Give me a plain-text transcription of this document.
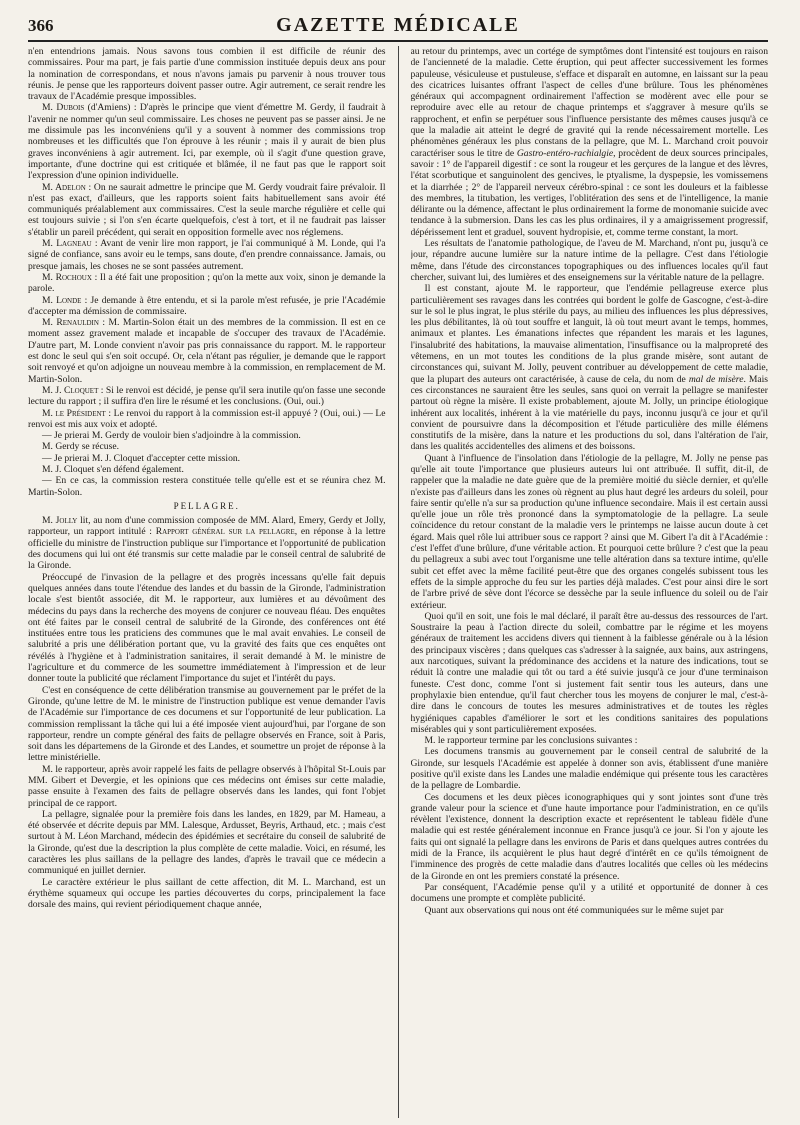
366	GAZETTE MÉDICALE

n'en entendrions jamais. Nous savons tous combien il est difficile de réunir des commissaires. Pour ma part, je fais partie d'une commission instituée depuis deux ans pour la nomination de correspondans, et nous n'avons jamais pu parvenir à nous trouver tous réunis. Je pense que les rapporteurs doivent passer outre. Agir autrement, ce serait rendre les travaux de l'Académie presque impossibles.

M. Dubois (d'Amiens) : D'après le principe que vient d'émettre M. Gerdy, il faudrait à l'avenir ne nommer qu'un seul commissaire. Les choses ne peuvent pas se passer ainsi. Je ne me dissimule pas les inconvéniens qu'il y a souvent à nommer des commissions trop nombreuses et les difficultés que l'on éprouve à les réunir ; mais il y aurait de bien plus graves inconvéniens à agir autrement. Ici, par exemple, où il s'agit d'une question grave, importante, d'une doctrine qui est critiquée et blâmée, il ne faut pas que le rapport soit l'expression d'une opinion individuelle.

M. Adelon : On ne saurait admettre le principe que M. Gerdy voudrait faire prévaloir. Il n'est pas exact, d'ailleurs, que les rapports soient faits habituellement sans avoir été communiqués préalablement aux commissaires. C'est la seule marche régulière et celle qui est toujours suivie ; si l'on s'en écarte quelquefois, c'est à tort, et il ne faudrait pas laisser s'établir un pareil précédent, qui serait en opposition formelle avec nos réglemens.

M. Lagneau : Avant de venir lire mon rapport, je l'ai communiqué à M. Londe, qui l'a signé de confiance, sans avoir eu le temps, sans doute, d'en prendre connaissance. Jamais, ou presque jamais, les choses ne se sont passées autrement.

M. Rochoux : Il a été fait une proposition ; qu'on la mette aux voix, sinon je demande la parole.

M. Londe : Je demande à être entendu, et si la parole m'est refusée, je prie l'Académie d'accepter ma démission de commissaire.

M. Renauldin : M. Martin-Solon était un des membres de la commission. Il est en ce moment assez gravement malade et incapable de s'occuper des travaux de l'Académie. D'autre part, M. Londe convient n'avoir pas pris connaissance du rapport. M. le rapporteur est donc le seul qui s'en soit occupé. Or, cela n'étant pas régulier, je demande que le rapport soit renvoyé et qu'on adjoigne un nouveau membre à la commission, en remplacement de M. Martin-Solon.

M. J. Cloquet : Si le renvoi est décidé, je pense qu'il sera inutile qu'on fasse une seconde lecture du rapport ; il suffira d'en lire le résumé et les conclusions. (Oui, oui.)

M. le Président : Le renvoi du rapport à la commission est-il appuyé ? (Oui, oui.) — Le renvoi est mis aux voix et adopté.

— Je prierai M. Gerdy de vouloir bien s'adjoindre à la commission.

M. Gerdy se récuse.

— Je prierai M. J. Cloquet d'accepter cette mission.

M. J. Cloquet s'en défend également.

— En ce cas, la commission restera constituée telle qu'elle est et se réunira chez M. Martin-Solon.

PELLAGRE.

M. Jolly lit, au nom d'une commission composée de MM. Alard, Emery, Gerdy et Jolly, rapporteur, un rapport intitulé : Rapport général sur la pellagre, en réponse à la lettre officielle du ministre de l'instruction publique sur l'importance et l'opportunité de publication des documens qui lui ont été transmis sur cette maladie par le conseil central de salubrité de la Gironde.

Préoccupé de l'invasion de la pellagre et des progrès incessans qu'elle fait depuis quelques années dans toute l'étendue des landes et du bassin de la Gironde, l'administration locale s'est bientôt associée, dit M. le rapporteur, aux lumières et au dévoûment des médecins du pays dans la recherche des moyens de conjurer ce nouveau fléau. Des enquêtes ont été faites par le conseil central de salubrité de la Gironde, des conférences ont été instituées entre tous les praticiens des communes que le mal avait envahies. Le conseil de salubrité a pris une délibération portant que, vu la gravité des faits que ces enquêtes ont révélés à l'hygiène et à l'administration sanitaires, il serait demandé à M. le ministre de l'agriculture et du commerce de les soumettre immédiatement à l'impression et de leur donner toute la publicité que réclament l'importance du sujet et l'intérêt du pays.

C'est en conséquence de cette délibération transmise au gouvernement par le préfet de la Gironde, qu'une lettre de M. le ministre de l'instruction publique est venue demander l'avis de l'Académie sur l'importance de ces documens et sur l'opportunité de leur publication. La commission remplissant la tâche qui lui a été imposée vient aujourd'hui, par l'organe de son rapporteur, rendre un compte général des faits de pellagre observés en France, soit à Paris, soit dans les départemens de la Gironde et des Landes, et soumettre un projet de réponse à la lettre ministérielle.

M. le rapporteur, après avoir rappelé les faits de pellagre observés à l'hôpital St-Louis par MM. Gibert et Devergie, et les opinions que ces médecins ont émises sur cette maladie, passe ensuite à l'examen des faits de pellagre observés dans les landes, qui font l'objet principal de ce rapport.

La pellagre, signalée pour la première fois dans les landes, en 1829, par M. Hameau, a été observée et décrite depuis par MM. Lalesque, Ardusset, Beyris, Arthaud, etc. ; mais c'est surtout à M. Léon Marchand, médecin des épidémies et secrétaire du conseil de salubrité de la Gironde, qu'est due la description la plus complète de cette maladie. Voici, en résumé, les caractères les plus saillans de la pellagre des landes, d'après le travail que ce médecin a communiqué en juillet dernier.

Le caractère extérieur le plus saillant de cette affection, dit M. L. Marchand, est un érythème squameux qui occupe les parties découvertes du corps, principalement la face dorsale des mains, qui revient périodiquement chaque année,

au retour du printemps, avec un cortége de symptômes dont l'intensité est toujours en raison de l'ancienneté de la maladie. Cette éruption, qui peut affecter successivement les formes papuleuse, vésiculeuse et pustuleuse, s'efface et disparaît en automne, en laissant sur la peau des cicatrices luisantes offrant l'aspect de celles d'une brûlure. Tous les phénomènes généraux qui accompagnent ordinairement l'affection se modèrent avec elle pour se reproduire avec elle au retour de chaque printemps et s'aggraver à mesure qu'ils se rapprochent, et enfin se perpétuer sous l'influence persistante des mêmes causes jusqu'à ce que la maladie ait atteint le degré de gravité qui la rende nécessairement mortelle. Les phénomènes généraux les plus constans de la pellagre, que M. L. Marchand croit pouvoir caractériser sous le titre de Gastro-entéro-rachialgie, procèdent de deux sources principales, savoir : 1° de l'appareil digestif : ce sont la rougeur et les gerçures de la langue et des lèvres, l'état scorbutique et sanguinolent des gencives, le ptyalisme, la dyspepsie, les vomissemens et la diarrhée ; 2° de l'appareil nerveux cérébro-spinal : ce sont les douleurs et la faiblesse des membres, la titubation, les vertiges, l'oblitération des sens et de l'intelligence, la manie délirante ou la démence, affectant le plus ordinairement la forme de monomanie suicide avec tendance à la submersion. Dans les cas les plus ordinaires, il y a amaigrissement progressif, dépérissement lent et graduel, souvent hydropisie, et, comme terme constant, la mort.

Les résultats de l'anatomie pathologique, de l'aveu de M. Marchand, n'ont pu, jusqu'à ce jour, répandre aucune lumière sur la nature intime de la pellagre. C'est dans l'étiologie même, dans l'étude des circonstances topographiques ou des influences locales qu'il faut chercher, suivant lui, des lumières et des enseignemens sur la véritable nature de la pellagre.

Il est constant, ajoute M. le rapporteur, que l'endémie pellagreuse exerce plus particulièrement ses ravages dans les contrées qui bordent le golfe de Gascogne, c'est-à-dire sur le sol le plus ingrat, le plus stérile du pays, au milieu des influences les plus dépressives, les plus débilitantes, là où tout souffre et languit, là où tout meurt avant le temps, hommes, animaux et plantes. Les émanations infectes que répandent les marais et les lagunes, l'insalubrité des habitations, la mauvaise alimentation, l'insuffisance ou la malpropreté des vêtemens, en un mot toutes les conditions de la plus grande misère, sont autant de circonstances qui, suivant M. Jolly, peuvent contribuer au développement de cette maladie, que la plupart des auteurs ont caractérisée, à cause de cela, du nom de mal de misère. Mais ces circonstances ne sauraient être les seules, sans quoi on verrait la pellagre se manifester partout où règne la misère. Il existe probablement, ajoute M. Jolly, un principe étiologique inhérent aux localités, inhérent à la vie matérielle du pays, inconnu jusqu'à ce jour et qu'il convient de poursuivre dans la décomposition et l'étude particulière des mille élémens constitutifs de la misère, dans la nature et les productions du sol, dans l'altération de l'air, dans les qualités accidentelles des alimens et des boissons.

Quant à l'influence de l'insolation dans l'étiologie de la pellagre, M. Jolly ne pense pas qu'elle ait toute l'importance que plusieurs auteurs lui ont attribuée. Il suffit, dit-il, de rappeler que la maladie ne date guère que de la première moitié du siècle dernier, et qu'elle n'existe pas d'ailleurs dans les zones où règnent au plus haut degré les ardeurs du soleil, pour faire sentir qu'elle n'a sur sa production qu'une influence secondaire. Mais il est certain aussi qu'elle joue un rôle très prononcé dans la symptomatologie de la pellagre. La seule coïncidence du retour constant de la maladie vers le printemps ne laisse aucun doute à cet égard. Mais quel rôle lui attribuer sous ce rapport ? ainsi que M. Gibert l'a dit à l'Académie : c'est l'effet d'une brûlure, d'une véritable action. Et pourquoi cette brûlure ? c'est que la peau du pellagreux a subi avec tout l'organisme une telle altération dans sa texture intime, qu'elle subit cet effet avec la même facilité peut-être que des organes congelés subissent tous les effets de la simple approche du feu sur les parties déjà malades. C'est pour ainsi dire le sort de l'arbre privé de sève dont l'écorce se dessèche par la seule influence du soleil ou de l'air extérieur.

Quoi qu'il en soit, une fois le mal déclaré, il paraît être au-dessus des ressources de l'art. Soustraire la peau à l'action directe du soleil, combattre par le régime et les moyens généraux de traitement les accidens divers qui tiennent à la faiblesse générale ou à la lésion des principaux viscères ; dans quelques cas s'adresser à la saignée, aux bains, aux astringens, aux narcotiques, suivant la prédominance des accidens et la nature des indications, tout se réduit là contre une maladie qui tôt ou tard a été suivie jusqu'à ce jour d'une terminaison funeste. C'est donc, comme l'ont si justement fait sentir tous les auteurs, dans une prophylaxie bien entendue, qu'il faut chercher tous les moyens de conjurer le mal, c'est-à-dire dans le concours de toutes les mesures administratives et de toutes les règles hygiéniques capables d'améliorer le sort et les conditions sanitaires des populations misérables qui y sont particulièrement exposées.

M. le rapporteur termine par les conclusions suivantes :

Les documens transmis au gouvernement par le conseil central de salubrité de la Gironde, sur lesquels l'Académie est appelée à donner son avis, établissent d'une manière positive qu'il existe dans les Landes une maladie endémique qui présente tous les caractères de la pellagre de Lombardie.

Ces documens et les deux pièces iconographiques qui y sont jointes sont d'une très grande valeur pour la science et d'une haute importance pour l'administration, en ce qu'ils révèlent l'existence, donnent la description exacte et représentent le tableau fidèle d'une maladie qui est restée généralement inconnue en France jusqu'à ce jour. Si l'on y ajoute les faits qui ont signalé la pellagre dans les environs de Paris et dans quelques autres contrées du midi de la France, ils acquièrent le plus haut degré d'intérêt en ce qu'ils témoignent de l'imminence des progrès de cette maladie dans d'autres localités que celles où les médecins de la Gironde en ont les premiers constaté la présence.

Par conséquent, l'Académie pense qu'il y a utilité et opportunité de donner à ces documens une prompte et complète publicité.

Quant aux observations qui nous ont été communiquées sur le même sujet par
